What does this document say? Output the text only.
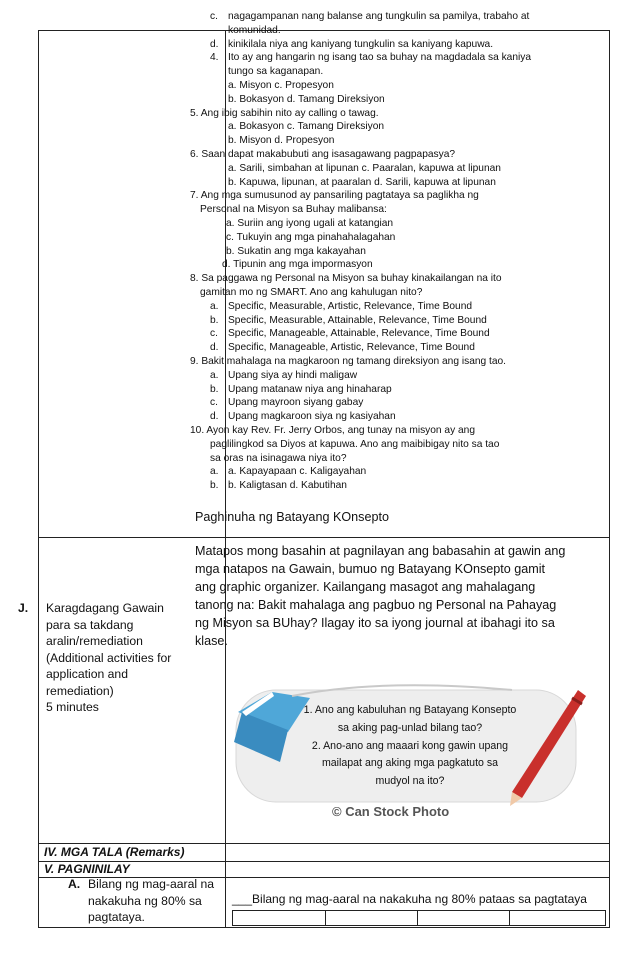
c. nagagampanan nang balanse ang tungkulin sa pamilya, trabaho at
komunidad.
d. kinikilala niya ang kaniyang tungkulin sa kaniyang kapuwa.
4. Ito ay ang hangarin ng isang tao sa buhay na magdadala sa kaniya
tungo sa kaganapan.
a. Misyon c. Propesyon
b. Bokasyon d. Tamang Direksiyon
5. Ang ibig sabihin nito ay calling o tawag.
a. Bokasyon c. Tamang Direksiyon
b. Misyon d. Propesyon
6. Saan dapat makabubuti ang isasagawang pagpapasya?
a. Sarili, simbahan at lipunan c. Paaralan, kapuwa at lipunan
b. Kapuwa, lipunan, at paaralan d. Sarili, kapuwa at lipunan
7. Ang mga sumusunod ay pansariling pagtataya sa paglikha ng
Personal na Misyon sa Buhay malibansa:
a. Suriin ang iyong ugali at katangian
c. Tukuyin ang mga pinahahalagahan
b. Sukatin ang mga kakayahan
d. Tipunin ang mga impormasyon
8. Sa paggawa ng Personal na Misyon sa buhay kinakailangan na ito
gamitan mo ng SMART. Ano ang kahulugan nito?
a. Specific, Measurable, Artistic, Relevance, Time Bound
b. Specific, Measurable, Attainable, Relevance, Time Bound
c. Specific, Manageable, Attainable, Relevance, Time Bound
d. Specific, Manageable, Artistic, Relevance, Time Bound
9. Bakit mahalaga na magkaroon ng tamang direksiyon ang isang tao.
a. Upang siya ay hindi maligaw
b. Upang matanaw niya ang hinaharap
c. Upang mayroon siyang gabay
d. Upang magkaroon siya ng kasiyahan
10. Ayon kay Rev. Fr. Jerry Orbos, ang tunay na misyon ay ang
paglilingkod sa Diyos at kapuwa. Ano ang maibibigay nito sa tao
sa oras na isinagawa niya ito?
a. a. Kapayapaan c. Kaligayahan
b. b. Kaligtasan d. Kabutihan
J. Karagdagang Gawain
para sa takdang
aralin/remediation
(Additional activities for
application and
remediation)
5 minutes
Paghinuha ng Batayang KOnsepto
Matapos mong basahin at pagnilayan ang babasahin at gawin ang mga natapos na Gawain, bumuo ng Batayang KOnsepto gamit ang graphic organizer. Kailangang masagot ang mahalagang tanong na: Bakit mahalaga ang pagbuo ng Personal na Pahayag ng Misyon sa BUhay? Ilagay ito sa iyong journal at ibahagi ito sa klase.
© Can Stock Photo
1. Ano ang kabuluhan ng Batayang Konsepto
sa aking pag-unlad bilang tao?
2. Ano-ano ang maaari kong gawin upang
mailapat ang aking mga pagkatuto sa
mudyol na ito?
IV. MGA TALA (Remarks)
V. PAGNINILAY
A. Bilang ng mag-aaral na
nakakuha ng 80% sa
pagtataya.
___Bilang ng mag-aaral na nakakuha ng 80% pataas sa pagtataya
